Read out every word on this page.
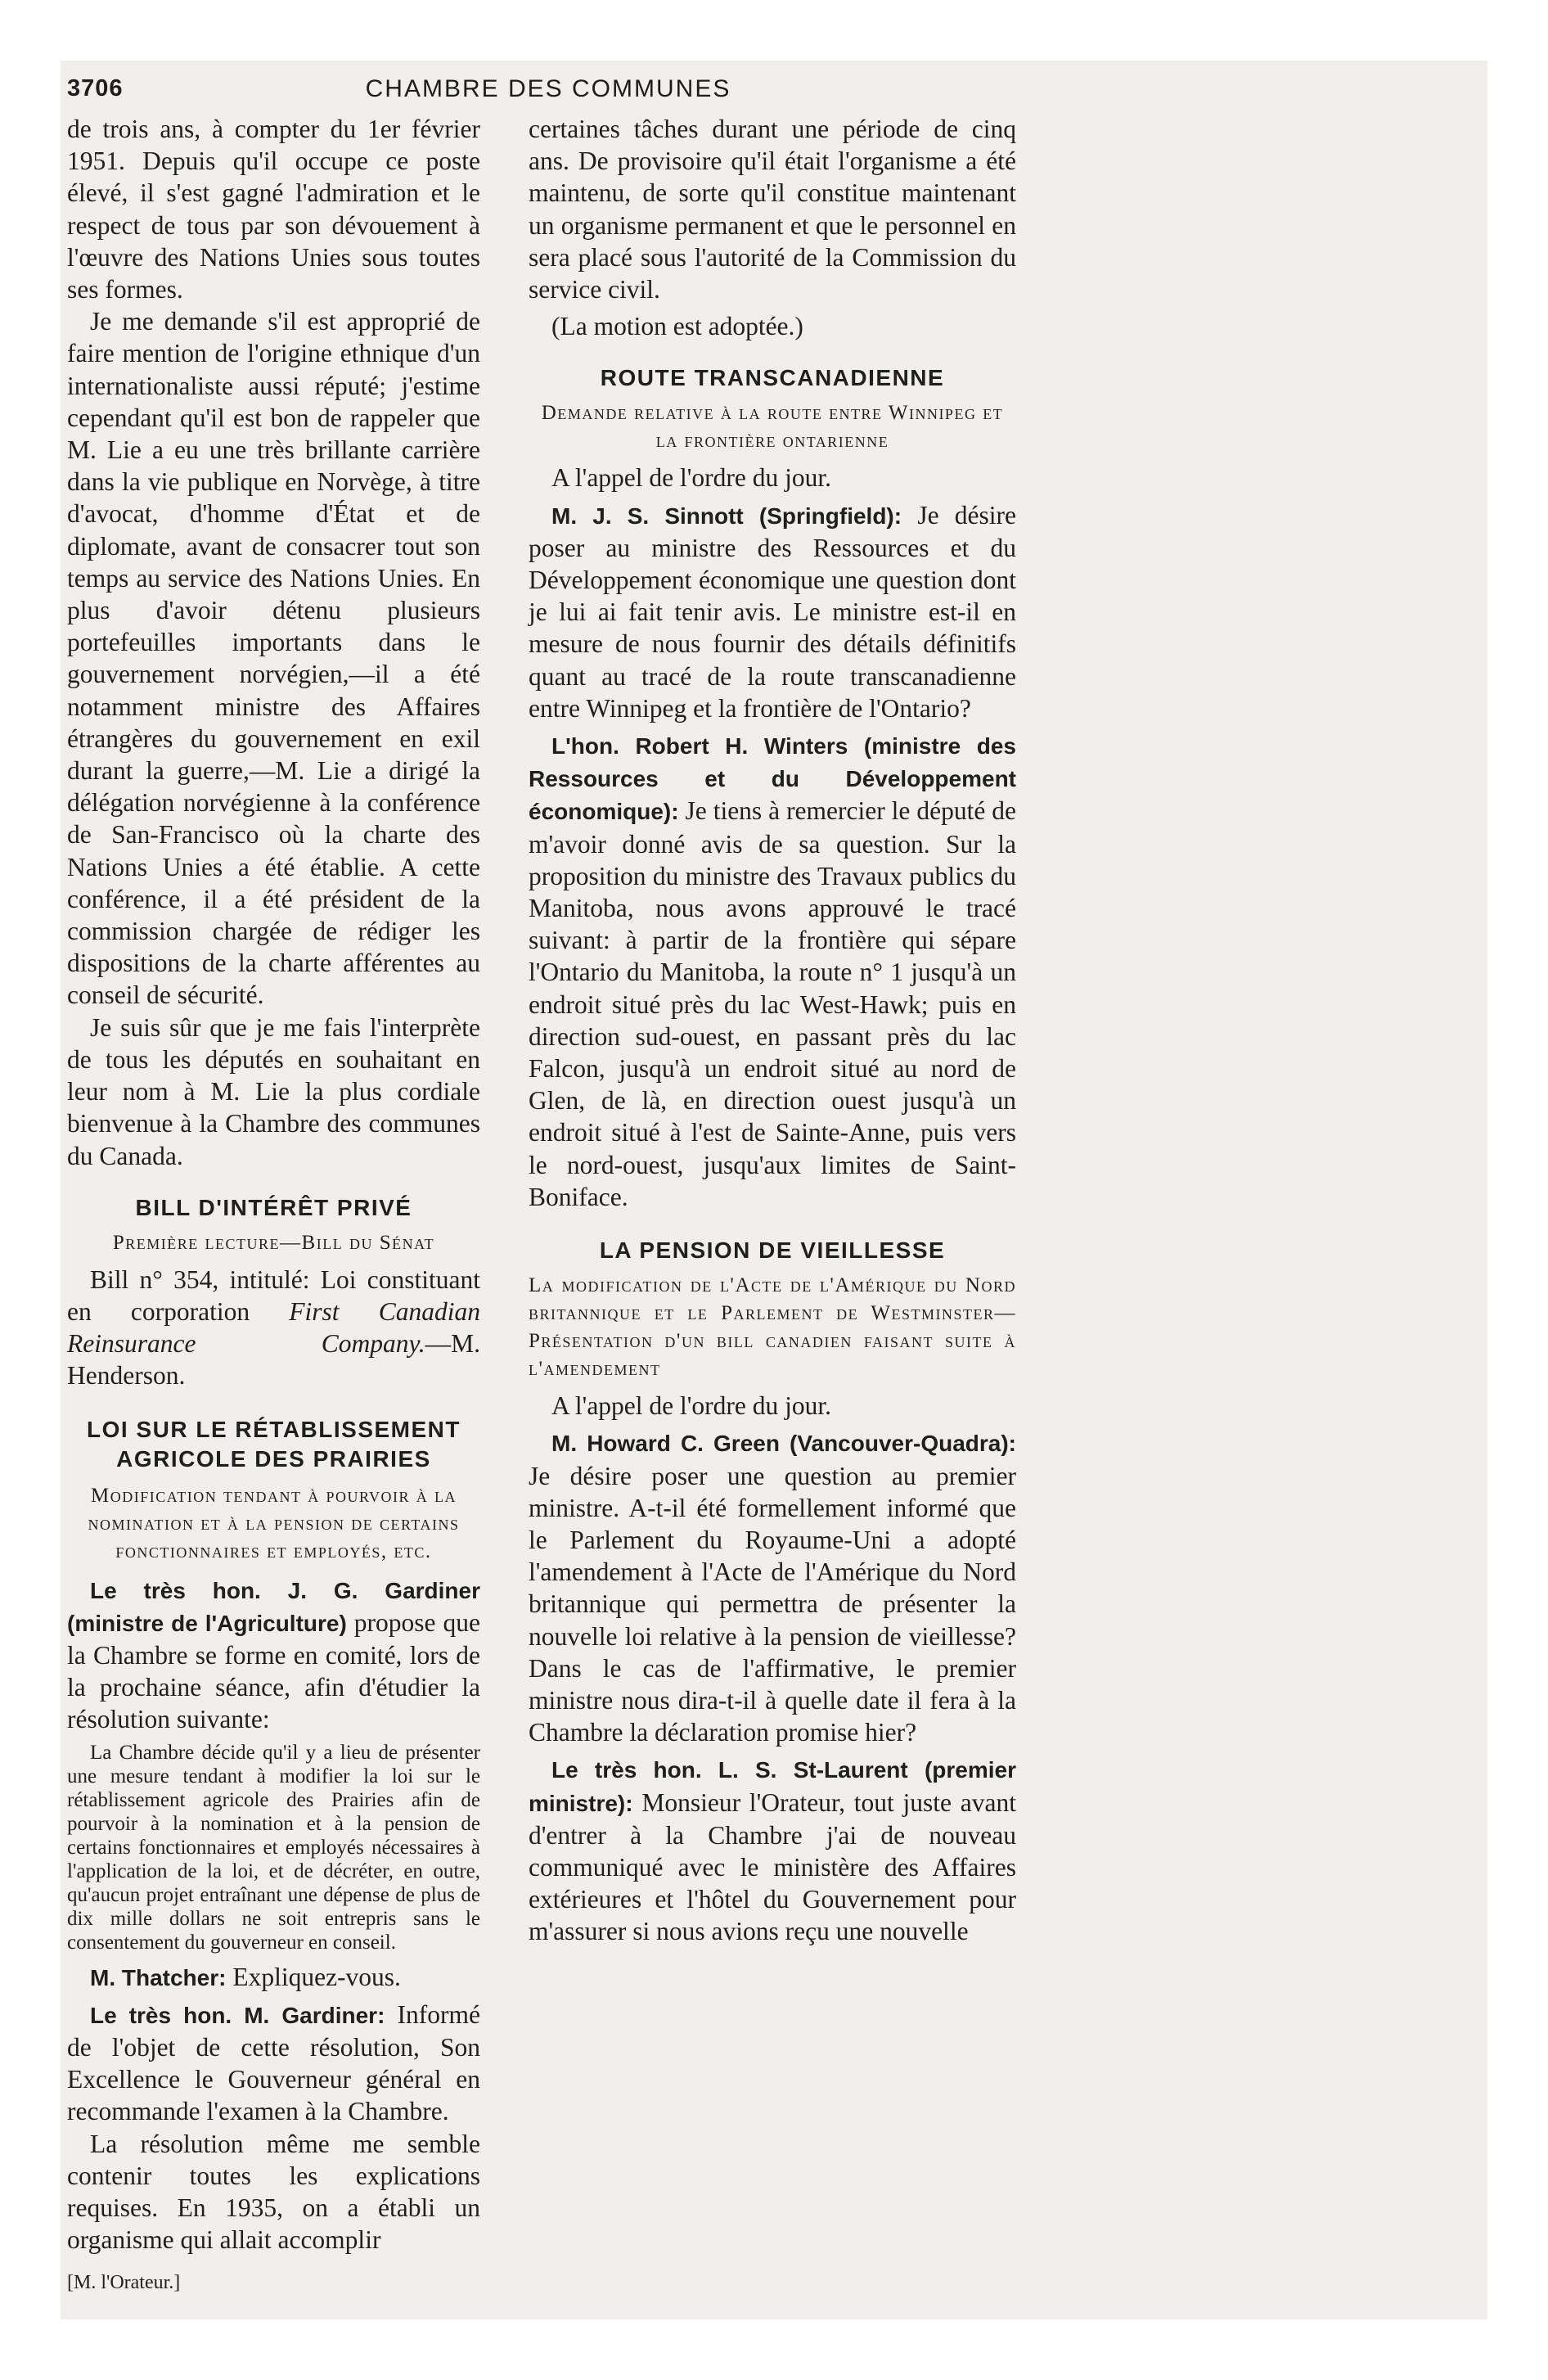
3706	CHAMBRE DES COMMUNES

de trois ans, à compter du 1er février 1951. Depuis qu'il occupe ce poste élevé, il s'est gagné l'admiration et le respect de tous par son dévouement à l'œuvre des Nations Unies sous toutes ses formes.

Je me demande s'il est approprié de faire mention de l'origine ethnique d'un internationaliste aussi réputé; j'estime cependant qu'il est bon de rappeler que M. Lie a eu une très brillante carrière dans la vie publique en Norvège, à titre d'avocat, d'homme d'État et de diplomate, avant de consacrer tout son temps au service des Nations Unies. En plus d'avoir détenu plusieurs portefeuilles importants dans le gouvernement norvégien,—il a été notamment ministre des Affaires étrangères du gouvernement en exil durant la guerre,—M. Lie a dirigé la délégation norvégienne à la conférence de San-Francisco où la charte des Nations Unies a été établie. A cette conférence, il a été président de la commission chargée de rédiger les dispositions de la charte afférentes au conseil de sécurité.

Je suis sûr que je me fais l'interprète de tous les députés en souhaitant en leur nom à M. Lie la plus cordiale bienvenue à la Chambre des communes du Canada.

BILL D'INTÉRÊT PRIVÉ
Première lecture—Bill du Sénat

Bill n° 354, intitulé: Loi constituant en corporation First Canadian Reinsurance Company.—M. Henderson.

LOI SUR LE RÉTABLISSEMENT AGRICOLE DES PRAIRIES
Modification tendant à pourvoir à la nomination et à la pension de certains fonctionnaires et employés, etc.

Le très hon. J. G. Gardiner (ministre de l'Agriculture) propose que la Chambre se forme en comité, lors de la prochaine séance, afin d'étudier la résolution suivante:

La Chambre décide qu'il y a lieu de présenter une mesure tendant à modifier la loi sur le rétablissement agricole des Prairies afin de pourvoir à la nomination et à la pension de certains fonctionnaires et employés nécessaires à l'application de la loi, et de décréter, en outre, qu'aucun projet entraînant une dépense de plus de dix mille dollars ne soit entrepris sans le consentement du gouverneur en conseil.

M. Thatcher: Expliquez-vous.

Le très hon. M. Gardiner: Informé de l'objet de cette résolution, Son Excellence le Gouverneur général en recommande l'examen à la Chambre.

La résolution même me semble contenir toutes les explications requises. En 1935, on a établi un organisme qui allait accomplir

[M. l'Orateur.]

certaines tâches durant une période de cinq ans. De provisoire qu'il était l'organisme a été maintenu, de sorte qu'il constitue maintenant un organisme permanent et que le personnel en sera placé sous l'autorité de la Commission du service civil.

(La motion est adoptée.)

ROUTE TRANSCANADIENNE
Demande relative à la route entre Winnipeg et la frontière ontarienne

A l'appel de l'ordre du jour.

M. J. S. Sinnott (Springfield): Je désire poser au ministre des Ressources et du Développement économique une question dont je lui ai fait tenir avis. Le ministre est-il en mesure de nous fournir des détails définitifs quant au tracé de la route transcanadienne entre Winnipeg et la frontière de l'Ontario?

L'hon. Robert H. Winters (ministre des Ressources et du Développement économique): Je tiens à remercier le député de m'avoir donné avis de sa question. Sur la proposition du ministre des Travaux publics du Manitoba, nous avons approuvé le tracé suivant: à partir de la frontière qui sépare l'Ontario du Manitoba, la route n° 1 jusqu'à un endroit situé près du lac West-Hawk; puis en direction sud-ouest, en passant près du lac Falcon, jusqu'à un endroit situé au nord de Glen, de là, en direction ouest jusqu'à un endroit situé à l'est de Sainte-Anne, puis vers le nord-ouest, jusqu'aux limites de Saint-Boniface.

LA PENSION DE VIEILLESSE
La modification de l'Acte de l'Amérique du Nord britannique et le Parlement de Westminster—Présentation d'un bill canadien faisant suite à l'amendement

A l'appel de l'ordre du jour.

M. Howard C. Green (Vancouver-Quadra): Je désire poser une question au premier ministre. A-t-il été formellement informé que le Parlement du Royaume-Uni a adopté l'amendement à l'Acte de l'Amérique du Nord britannique qui permettra de présenter la nouvelle loi relative à la pension de vieillesse? Dans le cas de l'affirmative, le premier ministre nous dira-t-il à quelle date il fera à la Chambre la déclaration promise hier?

Le très hon. L. S. St-Laurent (premier ministre): Monsieur l'Orateur, tout juste avant d'entrer à la Chambre j'ai de nouveau communiqué avec le ministère des Affaires extérieures et l'hôtel du Gouvernement pour m'assurer si nous avions reçu une nouvelle
